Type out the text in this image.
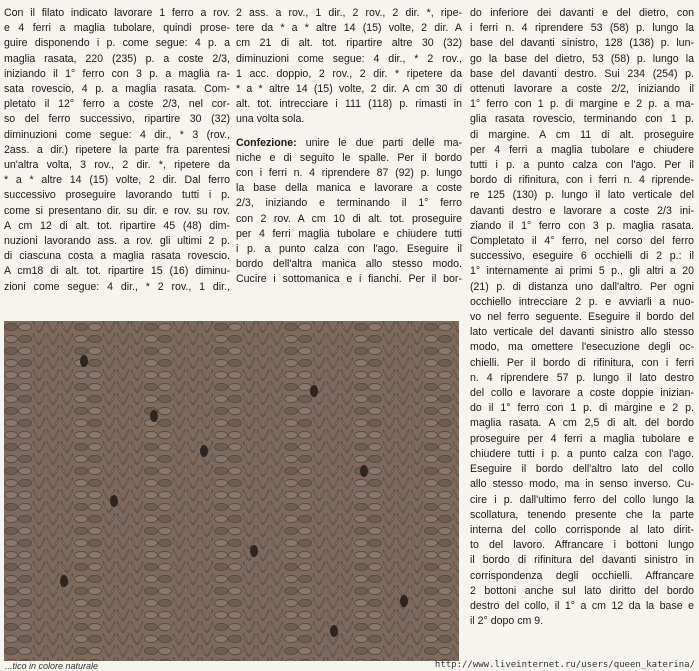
Con il filato indicato lavorare 1 ferro a rov.
e 4 ferri a maglia tubolare, quindi prose-
guire disponendo i p. come segue: 4 p. a
maglia rasata, 220 (235) p. a coste 2/3,
iniziando il 1° ferro con 3 p. a maglia ra-
sata rovescio, 4 p. a maglia rasata. Com-
pletato il 12° ferro a coste 2/3, nel cor-
so del ferro successivo, ripartire 30 (32)
diminuzioni come segue: 4 dir., * 3 (rov.,
2ass. a dir.) ripetere la parte fra parentesi
un'altra volta, 3 rov., 2 dir. *, ripetere da
* a * altre 14 (15) volte, 2 dir. Dal ferro
successivo proseguire lavorando tutti i p.
come si presentano dir. su dir. e rov. su rov.
A cm 12 di alt. tot. ripartire 45 (48) dim-
nuzioni lavorando ass. a rov. gli ultimi 2 p.
di ciascuna costa a maglia rasata rovescio.
A cm18 di alt. tot. ripartire 15 (16) diminu-
zioni come segue: 4 dir., * 2 rov., 1 dir.,
2 ass. a rov., 1 dir., 2 rov., 2 dir. *, ripe-
tere da * a * altre 14 (15) volte, 2 dir. A
cm 21 di alt. tot. ripartire altre 30 (32)
diminuzioni come segue: 4 dir., * 2 rov.,
1 acc. doppio, 2 rov., 2 dir. * ripetere da
* a * altre 14 (15) volte, 2 dir. A cm 30 di
alt. tot. intrecciare i 111 (118) p. rimasti in
una volta sola.
Confezione: unire le due parti delle ma-
niche e di seguito le spalle. Per il bordo
con i ferri n. 4 riprendere 87 (92) p. lungo
la base della manica e lavorare a coste
2/3, iniziando e terminando il 1° ferro
con 2 rov. A cm 10 di alt. tot. proseguire
per 4 ferri maglia tubolare e chiudere tutti
i p. a punto calza con l'ago. Eseguire il
bordo dell'altra manica allo stesso modo.
Cucire i sottomanica e i fianchi. Per il bor-
do inferiore dei davanti e del dietro, con
i ferri n. 4 riprendere 53 (58) p. lungo la
base del davanti sinistro, 128 (138) p. lun-
go la base del dietro, 53 (58) p. lungo la
base del davanti destro. Sui 234 (254) p.
ottenuti lavorare a coste 2/2, iniziando il
1° ferro con 1 p. di margine e 2 p. a ma-
glia rasata rovescio, terminando con 1 p.
di margine. A cm 11 di alt. proseguire
per 4 ferri a maglia tubolare e chiudere
tutti i p. a punto calza con l'ago. Per il
bordo di rifinitura, con i ferri n. 4 riprende-
re 125 (130) p. lungo il lato verticale del
davanti destro e lavorare a coste 2/3 ini-
ziando il 1° ferro con 3 p. maglia rasata.
Completato il 4° ferro, nel corso del ferro
successivo, eseguire 6 occhielli di 2 p.: il
1° internamente ai primi 5 p., gli altri a 20
(21) p. di distanza uno dall'altro. Per ogni
occhiello intrecciare 2 p. e avviarli a nuo-
vo nel ferro seguente. Eseguire il bordo del
lato verticale del davanti sinistro allo stesso
modo, ma omettere l'esecuzione degli oc-
chielli. Per il bordo di rifinitura, con i ferri
n. 4 riprendere 57 p. lungo il lato destro
del collo e lavorare a coste doppie inizian-
do il 1° ferro con 1 p. di margine e 2 p.
maglia rasata. A cm 2,5 di alt. del bordo
proseguire per 4 ferri a maglia tubolare e
chiudere tutti i p. a punto calza con l'ago.
Eseguire il bordo dell'altro lato del collo
allo stesso modo, ma in senso inverso. Cu-
cire i p. dall'ultimo ferro del collo lungo la
scollatura, tenendo presente che la parte
interna del collo corrisponde al lato dirit-
to del lavoro. Affrancare i bottoni lungo
il bordo di rifinitura del davanti sinistro in
corrispondenza degli occhielli. Affrancare
2 bottoni anche sul lato diritto del bordo
destro del collo, il 1° a cm 12 da la base e
il 2° dopo cm 9.
...tico in colore naturale	http://www.liveinternet.ru/users/queen_katerina/
